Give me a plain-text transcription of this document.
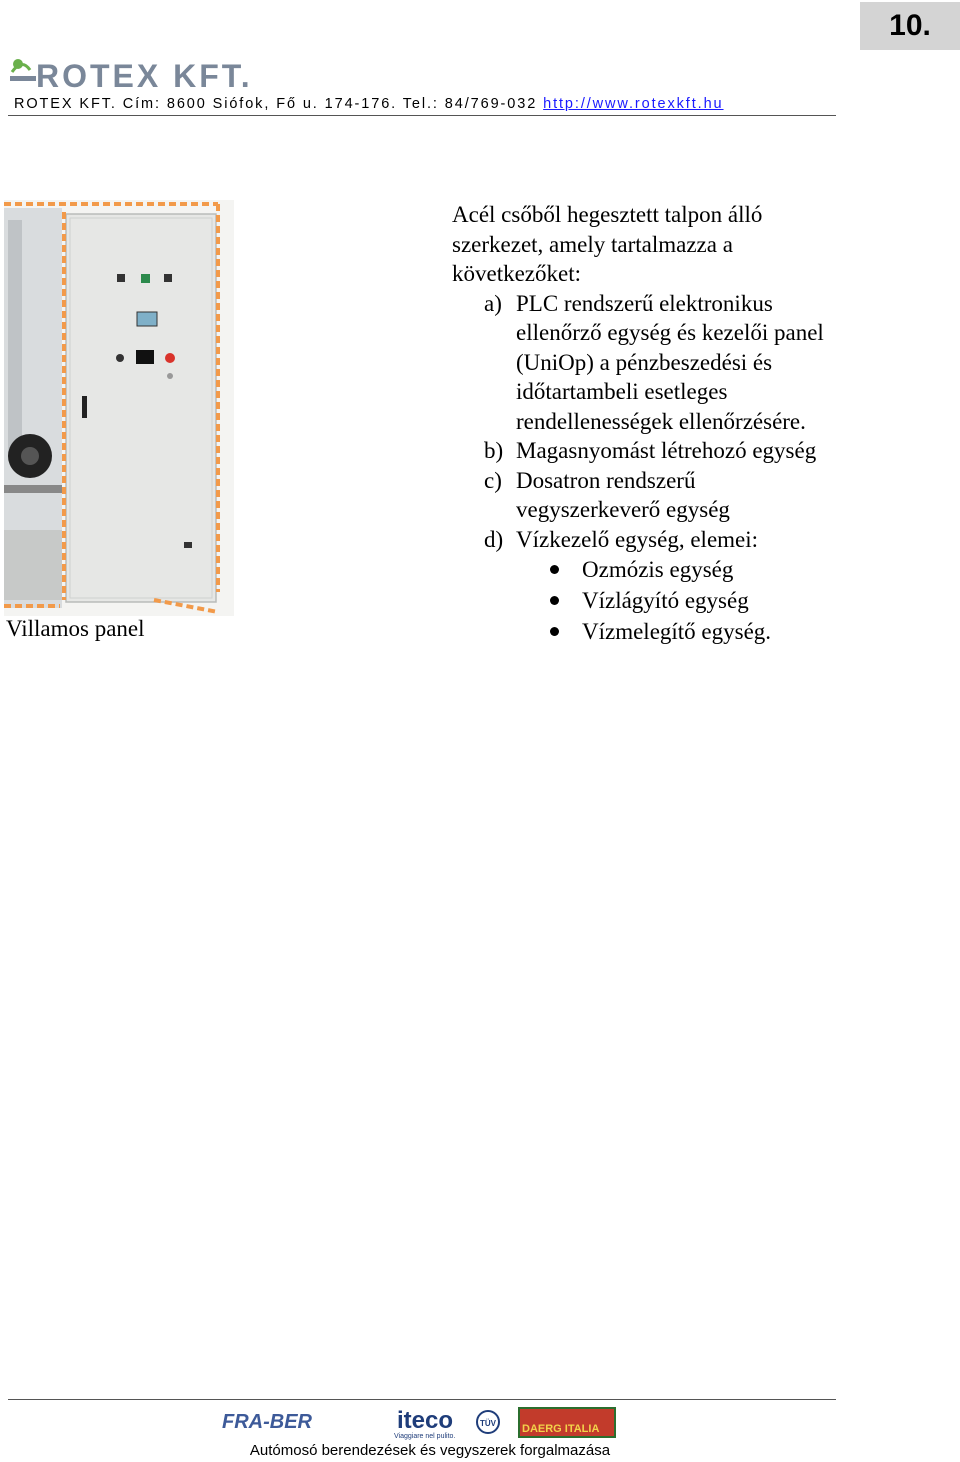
10.
ROTEX KFT.
ROTEX KFT. Cím: 8600 Siófok, Fő u. 174-176. Tel.: 84/769-032 http://www.rotexkft.hu
Villamos panel

Acél csőből hegesztett talpon álló szerkezet, amely tartalmazza a következőket:

a) PLC rendszerű elektronikus ellenőrző egység és kezelői panel (UniOp) a pénzbeszedési és időtartambeli esetleges rendellenességek ellenőrzésére.
b) Magasnyomást létrehozó egység
c) Dosatron rendszerű vegyszerkeverő egység
d) Vízkezelő egység, elemei:
Ozmózis egység
Vízlágyító egység
Vízmelegítő egység.
FRA-BER	iteco
Viaggiare nel pulito.
TÜV DAERG ITALIA
Autómosó berendezések és vegyszerek forgalmazása
